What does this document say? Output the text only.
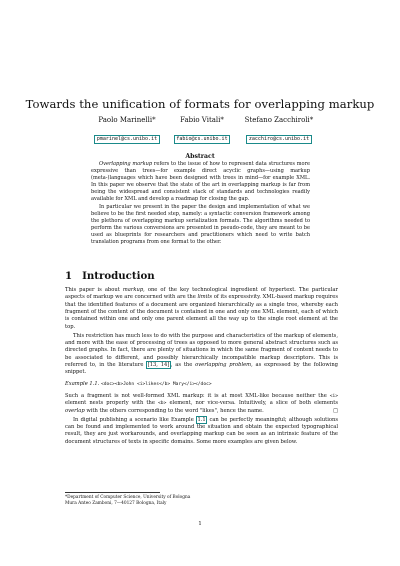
Towards the unification of formats for overlapping markup
Paolo Marinelli*
pmarinel@cs.unibo.it
Fabio Vitali*
fabio@cs.unibo.it
Stefano Zacchiroli*
zacchiro@cs.unibo.it
Abstract

Overlapping markup refers to the issue of how to represent data structures more expressive than trees—for example direct acyclic graphs—using markup (meta-)languages which have been designed with trees in mind—for example XML. In this paper we observe that the state of the art in overlapping markup is far from being the widespread and consistent stack of standards and technologies readily available for XML and develop a roadmap for closing the gap.

In particular we present in the paper the design and implementation of what we believe to be the first needed step, namely: a syntactic conversion framework among the plethora of overlapping markup serialization formats. The algorithms needed to perform the various conversions are presented in pseudo-code, they are meant to be used as blueprints for researchers and practitioners which need to write batch translation programs from one format to the other.

1 Introduction

This paper is about markup, one of the key technological ingredient of hypertext. The particular aspects of markup we are concerned with are the limits of its expressivity. XML-based markup requires that the identified features of a document are organized hierarchically as a single tree, whereby each fragment of the content of the document is contained in one and only one XML element, each of which is contained within one and only one parent element all the way up to the single root element at the top.

This restriction has much less to do with the purpose and characteristics of the markup of elements, and more with the ease of processing of trees as opposed to more general abstract structures such as directed graphs. In fact, there are plenty of situations in which the same fragment of content needs to be associated to different, and possibly hierarchically incompatible markup descriptors. This is referred to, in the literature [13, 14] , as the overlapping problem, as expressed by the following snippet.

Example 1.1. <doc><b>John <i>likes</b> Mary</i></doc>

Such a fragment is not well-formed XML markup: it is at most XML-like because neither the <i> element nests properly with the <b> element, nor vice-versa. Intuitively, a slice of both elements overlap with the others corresponding to the word "likes", hence the name.	□

In digital publishing a scenario like Example 1.1 can be perfectly meaningful; although solutions can be found and implemented to work around the situation and obtain the expected typographical result, they are just workarounds, and overlapping markup can be seen as an intrinsic feature of the document structures of texts in specific domains. Some more examples are given below.

*Department of Computer Science, University of Bologna
Mura Anteo Zamboni, 7—40127 Bologna, Italy
1
